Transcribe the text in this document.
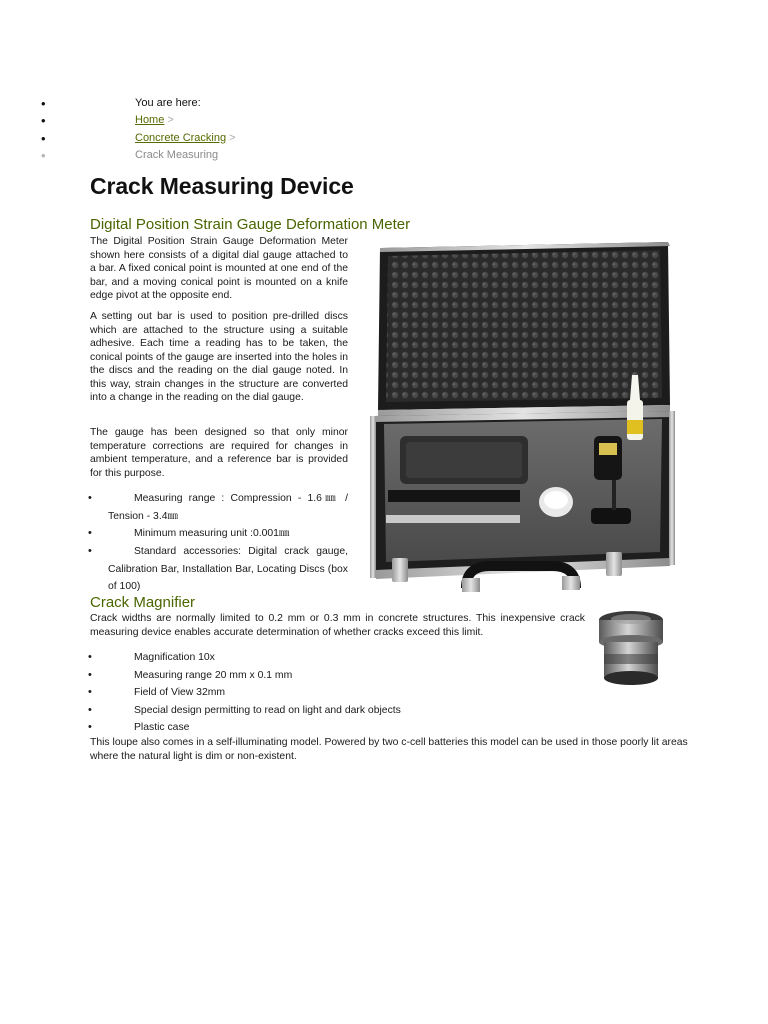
•	You are here:
•	Home >
•	Concrete Cracking >
•	Crack Measuring
Crack Measuring Device
Digital Position Strain Gauge Deformation Meter

The Digital Position Strain Gauge Deformation Meter shown here consists of a digital dial gauge attached to a bar. A fixed conical point is mounted at one end of the bar, and a moving conical point is mounted on a knife edge pivot at the opposite end.

A setting out bar is used to position pre-drilled discs which are attached to the structure using a suitable adhesive. Each time a reading has to be taken, the conical points of the gauge are inserted into the holes in the discs and the reading on the dial gauge noted. In this way, strain changes in the structure are converted into a change in the reading on the dial gauge.

The gauge has been designed so that only minor temperature corrections are required for changes in ambient temperature, and a reference bar is provided for this purpose.

•	Measuring range : Compression - 1.6㎜ / Tension - 3.4㎜
•	Minimum measuring unit :0.001㎜
•	Standard accessories: Digital crack gauge, Calibration Bar, Installation Bar, Locating Discs (box of 100)
Crack Magnifier

Crack widths are normally limited to 0.2 mm or 0.3 mm in concrete structures. This inexpensive crack measuring device enables accurate determination of whether cracks exceed this limit.

•	Magnification 10x
•	Measuring range 20 mm x 0.1 mm
•	Field of View 32mm
•	Special design permitting to read on light and dark objects
•	Plastic case

This loupe also comes in a self-illuminating model. Powered by two c-cell batteries this model can be used in those poorly lit areas where the natural light is dim or non-existent.
